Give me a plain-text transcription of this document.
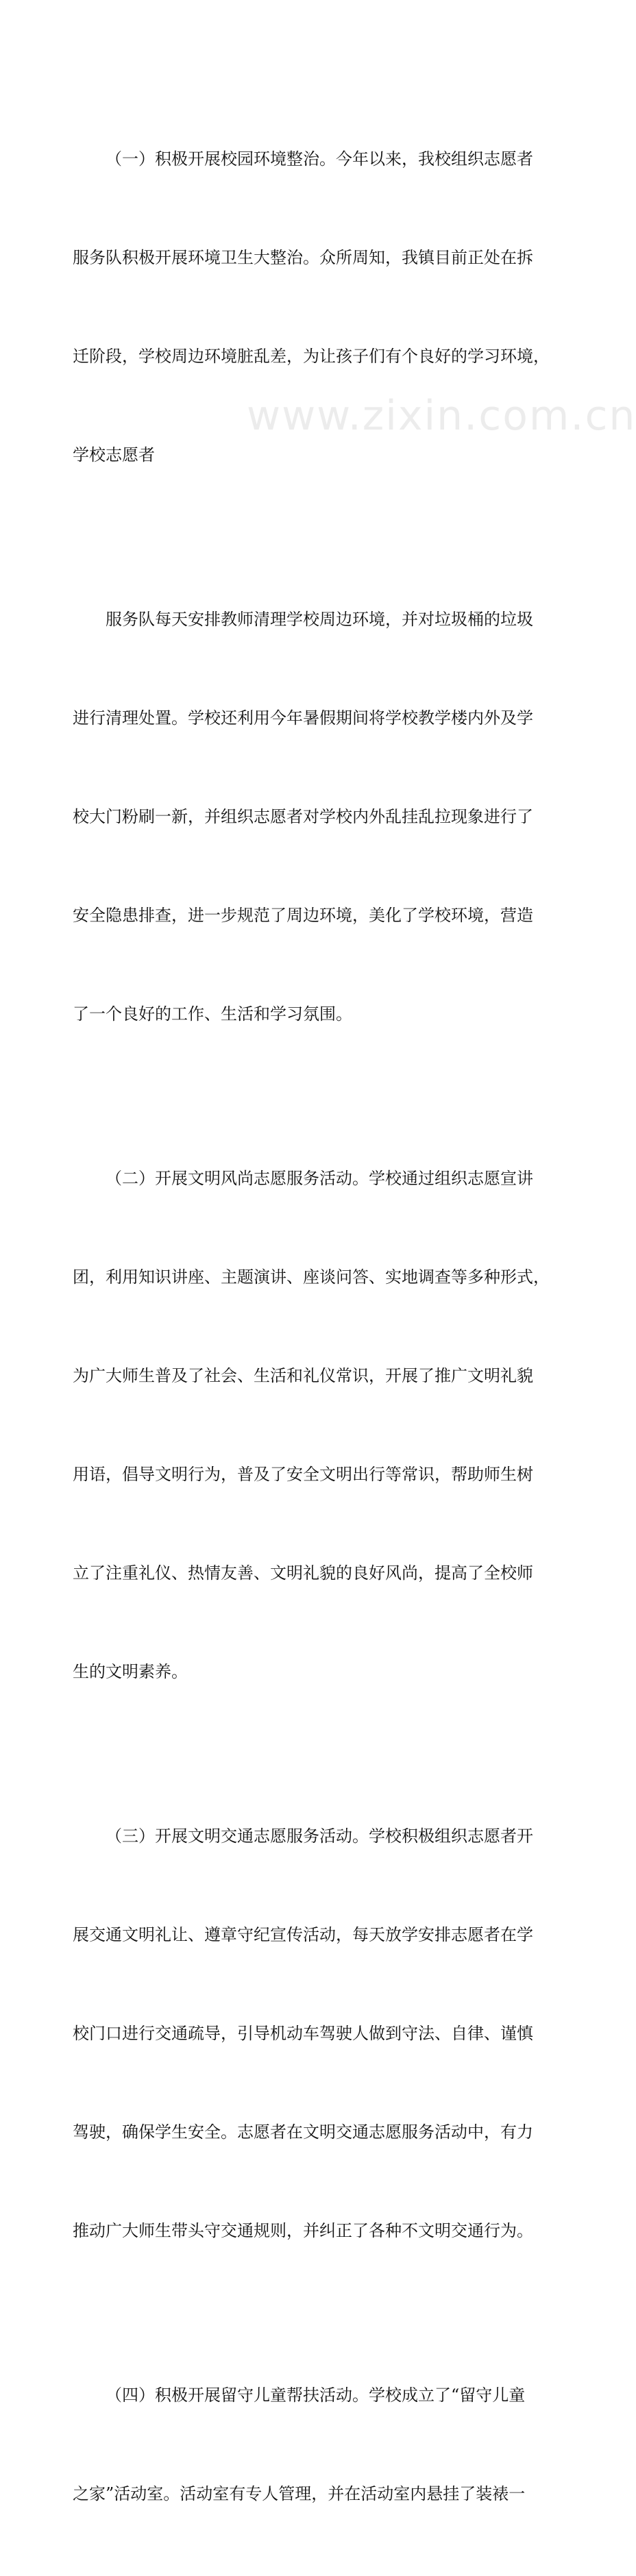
（一）积极开展校园环境整治。今年以来，我校组织志愿者

服务队积极开展环境卫生大整治。众所周知，我镇目前正处在拆

迁阶段，学校周边环境脏乱差，为让孩子们有个良好的学习环境，

学校志愿者

服务队每天安排教师清理学校周边环境，并对垃圾桶的垃圾

进行清理处置。学校还利用今年暑假期间将学校教学楼内外及学

校大门粉刷一新，并组织志愿者对学校内外乱挂乱拉现象进行了

安全隐患排查，进一步规范了周边环境，美化了学校环境，营造

了一个良好的工作、生活和学习氛围。

（二）开展文明风尚志愿服务活动。学校通过组织志愿宣讲

团，利用知识讲座、主题演讲、座谈问答、实地调查等多种形式，

为广大师生普及了社会、生活和礼仪常识，开展了推广文明礼貌

用语，倡导文明行为，普及了安全文明出行等常识，帮助师生树

立了注重礼仪、热情友善、文明礼貌的良好风尚，提高了全校师

生的文明素养。

（三）开展文明交通志愿服务活动。学校积极组织志愿者开

展交通文明礼让、遵章守纪宣传活动，每天放学安排志愿者在学

校门口进行交通疏导，引导机动车驾驶人做到守法、自律、谨慎

驾驶，确保学生安全。志愿者在文明交通志愿服务活动中，有力

推动广大师生带头守交通规则，并纠正了各种不文明交通行为。

（四）积极开展留守儿童帮扶活动。学校成立了“留守儿童

之家”活动室。活动室有专人管理，并在活动室内悬挂了装裱一

www.zixin.com.cn
